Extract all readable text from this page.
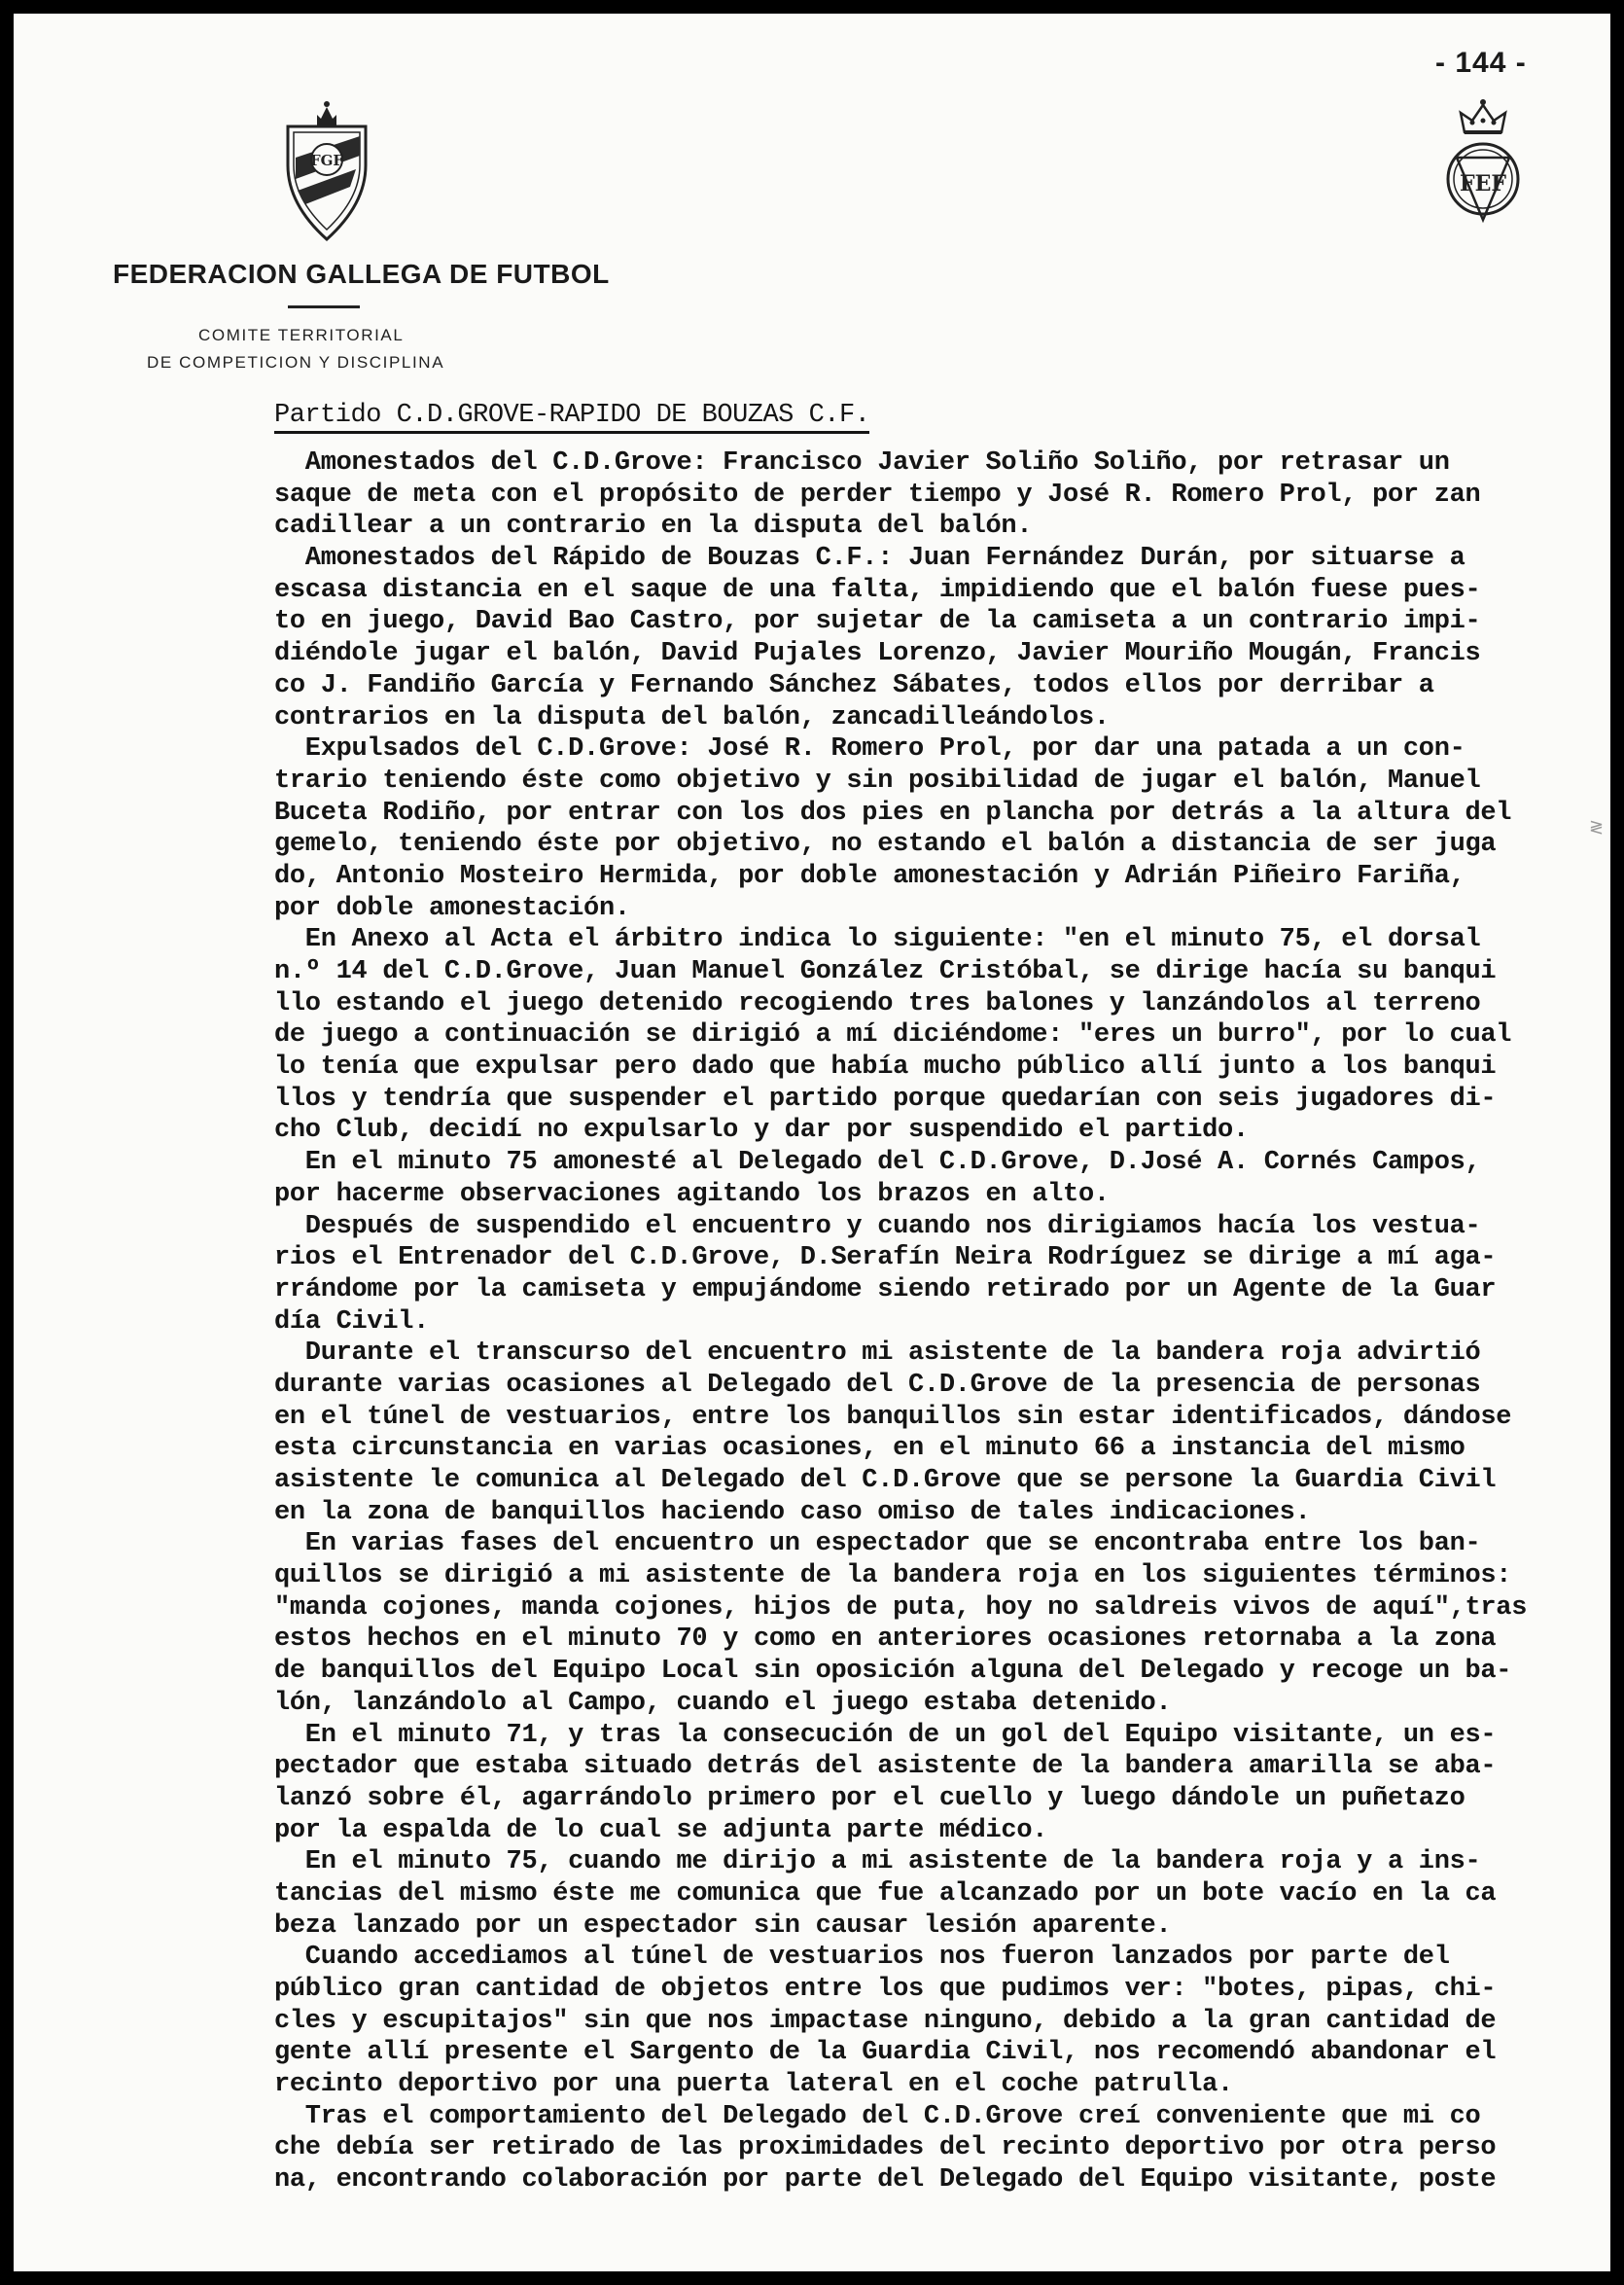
- 144 -
FGF
FEF
FEDERACION GALLEGA DE FUTBOL
COMITE TERRITORIAL
DE COMPETICION Y DISCIPLINA
Partido C.D.GROVE-RAPIDO DE BOUZAS C.F.
Amonestados del C.D.Grove: Francisco Javier Soliño Soliño, por retrasar un
saque de meta con el propósito de perder tiempo y José R. Romero Prol, por zan
cadillear a un contrario en la disputa del balón.
Amonestados del Rápido de Bouzas C.F.: Juan Fernández Durán, por situarse a
escasa distancia en el saque de una falta, impidiendo que el balón fuese pues-
to en juego, David Bao Castro, por sujetar de la camiseta a un contrario impi-
diéndole jugar el balón, David Pujales Lorenzo, Javier Mouriño Mougán, Francis
co J. Fandiño García y Fernando Sánchez Sábates, todos ellos por derribar a
contrarios en la disputa del balón, zancadilleándolos.
Expulsados del C.D.Grove: José R. Romero Prol, por dar una patada a un con-
trario teniendo éste como objetivo y sin posibilidad de jugar el balón, Manuel
Buceta Rodiño, por entrar con los dos pies en plancha por detrás a la altura del
gemelo, teniendo éste por objetivo, no estando el balón a distancia de ser juga
do, Antonio Mosteiro Hermida, por doble amonestación y Adrián Piñeiro Fariña,
por doble amonestación.
En Anexo al Acta el árbitro indica lo siguiente: "en el minuto 75, el dorsal
n.º 14 del C.D.Grove, Juan Manuel González Cristóbal, se dirige hacía su banqui
llo estando el juego detenido recogiendo tres balones y lanzándolos al terreno
de juego a continuación se dirigió a mí diciéndome: "eres un burro", por lo cual
lo tenía que expulsar pero dado que había mucho público allí junto a los banqui
llos y tendría que suspender el partido porque quedarían con seis jugadores di-
cho Club, decidí no expulsarlo y dar por suspendido el partido.
En el minuto 75 amonesté al Delegado del C.D.Grove, D.José A. Cornés Campos,
por hacerme observaciones agitando los brazos en alto.
Después de suspendido el encuentro y cuando nos dirigiamos hacía los vestua-
rios el Entrenador del C.D.Grove, D.Serafín Neira Rodríguez se dirige a mí aga-
rrándome por la camiseta y empujándome siendo retirado por un Agente de la Guar
día Civil.
Durante el transcurso del encuentro mi asistente de la bandera roja advirtió
durante varias ocasiones al Delegado del C.D.Grove de la presencia de personas
en el túnel de vestuarios, entre los banquillos sin estar identificados, dándose
esta circunstancia en varias ocasiones, en el minuto 66 a instancia del mismo
asistente le comunica al Delegado del C.D.Grove que se persone la Guardia Civil
en la zona de banquillos haciendo caso omiso de tales indicaciones.
En varias fases del encuentro un espectador que se encontraba entre los ban-
quillos se dirigió a mi asistente de la bandera roja en los siguientes términos:
"manda cojones, manda cojones, hijos de puta, hoy no saldreis vivos de aquí",tras
estos hechos en el minuto 70 y como en anteriores ocasiones retornaba a la zona
de banquillos del Equipo Local sin oposición alguna del Delegado y recoge un ba-
lón, lanzándolo al Campo, cuando el juego estaba detenido.
En el minuto 71, y tras la consecución de un gol del Equipo visitante, un es-
pectador que estaba situado detrás del asistente de la bandera amarilla se aba-
lanzó sobre él, agarrándolo primero por el cuello y luego dándole un puñetazo
por la espalda de lo cual se adjunta parte médico.
En el minuto 75, cuando me dirijo a mi asistente de la bandera roja y a ins-
tancias del mismo éste me comunica que fue alcanzado por un bote vacío en la ca
beza lanzado por un espectador sin causar lesión aparente.
Cuando accediamos al túnel de vestuarios nos fueron lanzados por parte del
público gran cantidad de objetos entre los que pudimos ver: "botes, pipas, chi-
cles y escupitajos" sin que nos impactase ninguno, debido a la gran cantidad de
gente allí presente el Sargento de la Guardia Civil, nos recomendó abandonar el
recinto deportivo por una puerta lateral en el coche patrulla.
Tras el comportamiento del Delegado del C.D.Grove creí conveniente que mi co
che debía ser retirado de las proximidades del recinto deportivo por otra perso
na, encontrando colaboración por parte del Delegado del Equipo visitante, poste
≷
